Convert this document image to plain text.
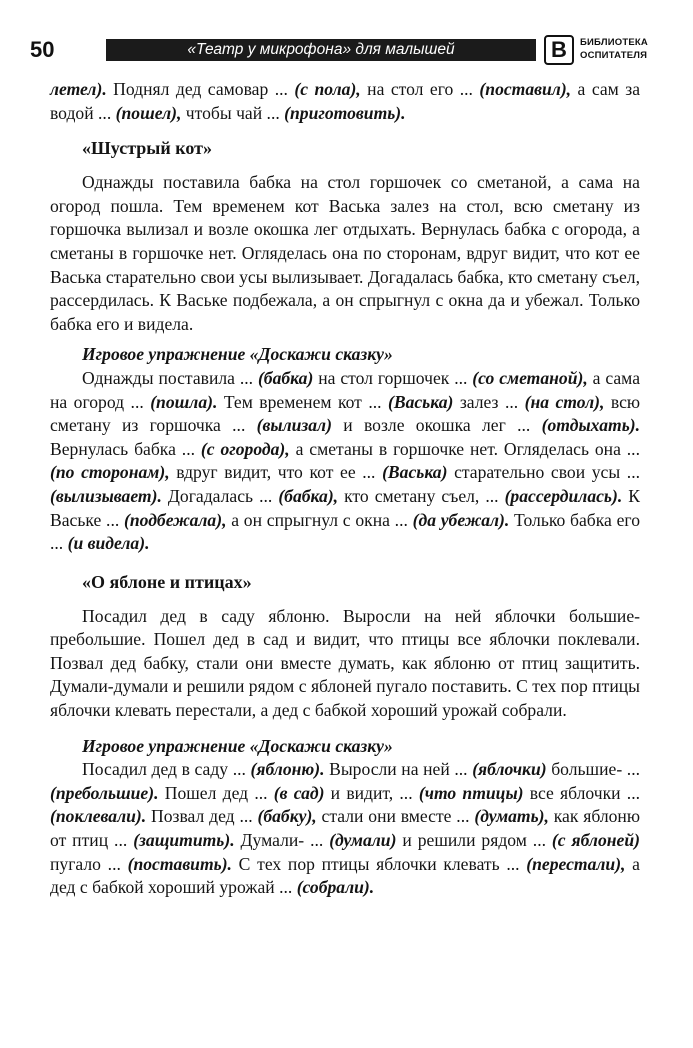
50	«Театр у микрофона» для малышей	В	БИБЛИОТЕКА
ОСПИТАТЕЛЯ

летел). Поднял дед самовар ... (с пола), на стол его ... (поставил), а сам за водой ... (пошел), чтобы чай ... (приготовить).

«Шустрый кот»

Однажды поставила бабка на стол горшочек со сметаной, а сама на огород пошла. Тем временем кот Васька залез на стол, всю сметану из горшочка вылизал и возле окошка лег отдыхать. Вернулась бабка с огорода, а сметаны в горшочке нет. Огляделась она по сторонам, вдруг видит, что кот ее Васька старательно свои усы вылизывает. Догадалась бабка, кто сметану съел, рассердилась. К Ваське подбежала, а он спрыгнул с окна да и убежал. Только бабка его и видела.

Игровое упражнение «Доскажи сказку»

Однажды поставила ... (бабка) на стол горшочек ... (со сметаной), а сама на огород ... (пошла). Тем временем кот ... (Васька) залез ... (на стол), всю сметану из горшочка ... (вылизал) и возле окошка лег ... (отдыхать). Вернулась бабка ... (с огорода), а сметаны в горшочке нет. Огляделась она ... (по сторонам), вдруг видит, что кот ее ... (Васька) старательно свои усы ... (вылизывает). Догадалась ... (бабка), кто сметану съел, ... (рассердилась). К Ваське ... (подбежала), а он спрыгнул с окна ... (да убежал). Только бабка его ... (и видела).

«О яблоне и птицах»

Посадил дед в саду яблоню. Выросли на ней яблочки большие-пребольшие. Пошел дед в сад и видит, что птицы все яблочки поклевали. Позвал дед бабку, стали они вместе думать, как яблоню от птиц защитить. Думали-думали и решили рядом с яблоней пугало поставить. С тех пор птицы яблочки клевать перестали, а дед с бабкой хороший урожай собрали.

Игровое упражнение «Доскажи сказку»

Посадил дед в саду ... (яблоню). Выросли на ней ... (яблочки) большие- ... (пребольшие). Пошел дед ... (в сад) и видит, ... (что птицы) все яблочки ... (поклевали). Позвал дед ... (бабку), стали они вместе ... (думать), как яблоню от птиц ... (защитить). Думали- ... (думали) и решили рядом ... (с яблоней) пугало ... (поставить). С тех пор птицы яблочки клевать ... (перестали), а дед с бабкой хороший урожай ... (собрали).
